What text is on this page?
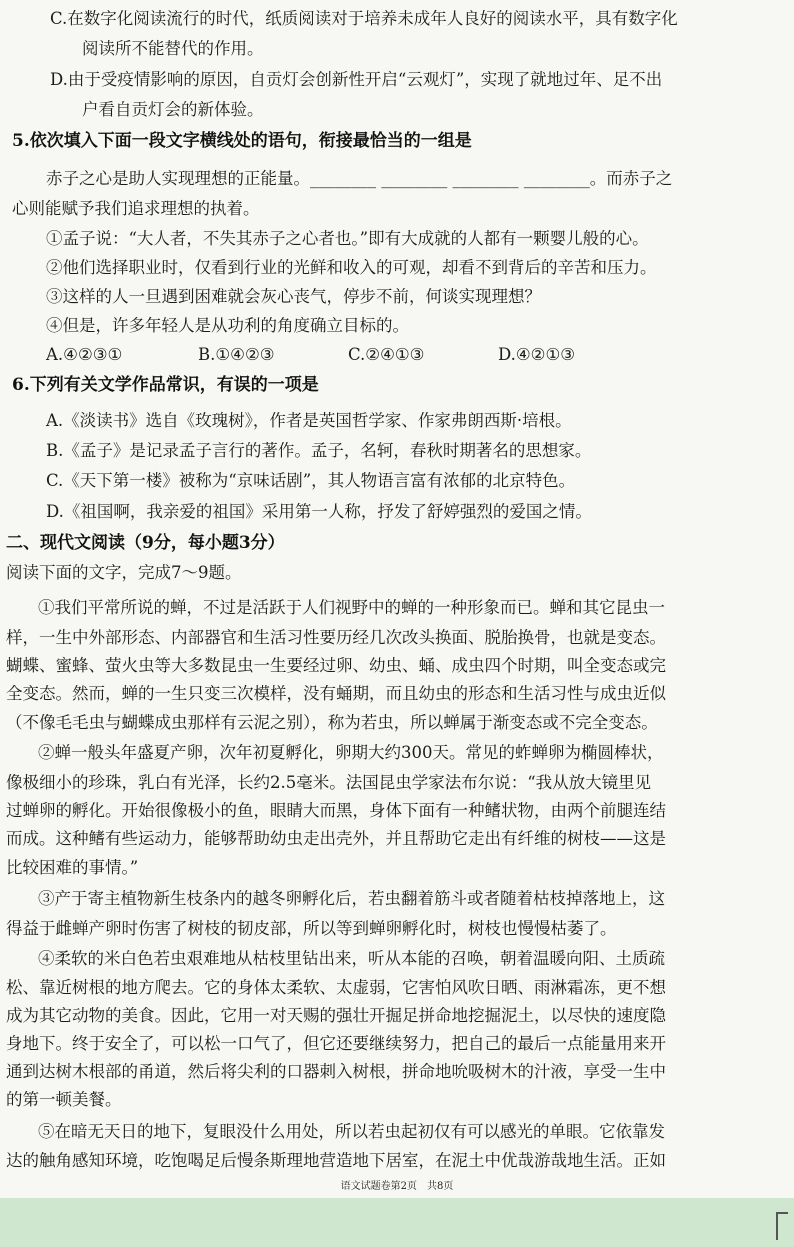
C.在数字化阅读流行的时代，纸质阅读对于培养未成年人良好的阅读水平，具有数字化
阅读所不能替代的作用。
D.由于受疫情影响的原因，自贡灯会创新性开启“云观灯”，实现了就地过年、足不出
户看自贡灯会的新体验。
5.依次填入下面一段文字横线处的语句，衔接最恰当的一组是
赤子之心是助人实现理想的正能量。________ ________ ________ ________。而赤子之
心则能赋予我们追求理想的执着。
①孟子说：“大人者，不失其赤子之心者也。”即有大成就的人都有一颗婴儿般的心。
②他们选择职业时，仅看到行业的光鲜和收入的可观，却看不到背后的辛苦和压力。
③这样的人一旦遇到困难就会灰心丧气，停步不前，何谈实现理想？
④但是，许多年轻人是从功利的角度确立目标的。
A.④②③①	B.①④②③	C.②④①③	D.④②①③
6.下列有关文学作品常识，有误的一项是
A.《淡读书》选自《玫瑰树》，作者是英国哲学家、作家弗朗西斯·培根。
B.《孟子》是记录孟子言行的著作。孟子，名轲，春秋时期著名的思想家。
C.《天下第一楼》被称为“京味话剧”，其人物语言富有浓郁的北京特色。
D.《祖国啊，我亲爱的祖国》采用第一人称，抒发了舒婷强烈的爱国之情。
二、现代文阅读（9分，每小题3分）
阅读下面的文字，完成7～9题。
①我们平常所说的蝉，不过是活跃于人们视野中的蝉的一种形象而已。蝉和其它昆虫一
样，一生中外部形态、内部器官和生活习性要历经几次改头换面、脱胎换骨，也就是变态。
蝴蝶、蜜蜂、萤火虫等大多数昆虫一生要经过卵、幼虫、蛹、成虫四个时期，叫全变态或完
全变态。然而，蝉的一生只变三次模样，没有蛹期，而且幼虫的形态和生活习性与成虫近似
（不像毛毛虫与蝴蝶成虫那样有云泥之别），称为若虫，所以蝉属于渐变态或不完全变态。
②蝉一般头年盛夏产卵，次年初夏孵化，卵期大约300天。常见的蚱蝉卵为椭圆棒状，
像极细小的珍珠，乳白有光泽，长约2.5毫米。法国昆虫学家法布尔说：“我从放大镜里见
过蝉卵的孵化。开始很像极小的鱼，眼睛大而黑，身体下面有一种鳍状物，由两个前腿连结
而成。这种鳍有些运动力，能够帮助幼虫走出壳外，并且帮助它走出有纤维的树枝——这是
比较困难的事情。”
③产于寄主植物新生枝条内的越冬卵孵化后，若虫翻着筋斗或者随着枯枝掉落地上，这
得益于雌蝉产卵时伤害了树枝的韧皮部，所以等到蝉卵孵化时，树枝也慢慢枯萎了。
④柔软的米白色若虫艰难地从枯枝里钻出来，听从本能的召唤，朝着温暖向阳、土质疏
松、靠近树根的地方爬去。它的身体太柔软、太虚弱，它害怕风吹日晒、雨淋霜冻，更不想
成为其它动物的美食。因此，它用一对天赐的强壮开掘足拼命地挖掘泥土，以尽快的速度隐
身地下。终于安全了，可以松一口气了，但它还要继续努力，把自己的最后一点能量用来开
通到达树木根部的甬道，然后将尖利的口器刺入树根，拼命地吮吸树木的汁液，享受一生中
的第一顿美餐。
⑤在暗无天日的地下，复眼没什么用处，所以若虫起初仅有可以感光的单眼。它依靠发
达的触角感知环境，吃饱喝足后慢条斯理地营造地下居室，在泥土中优哉游哉地生活。正如
语文试题卷第2页　共8页
